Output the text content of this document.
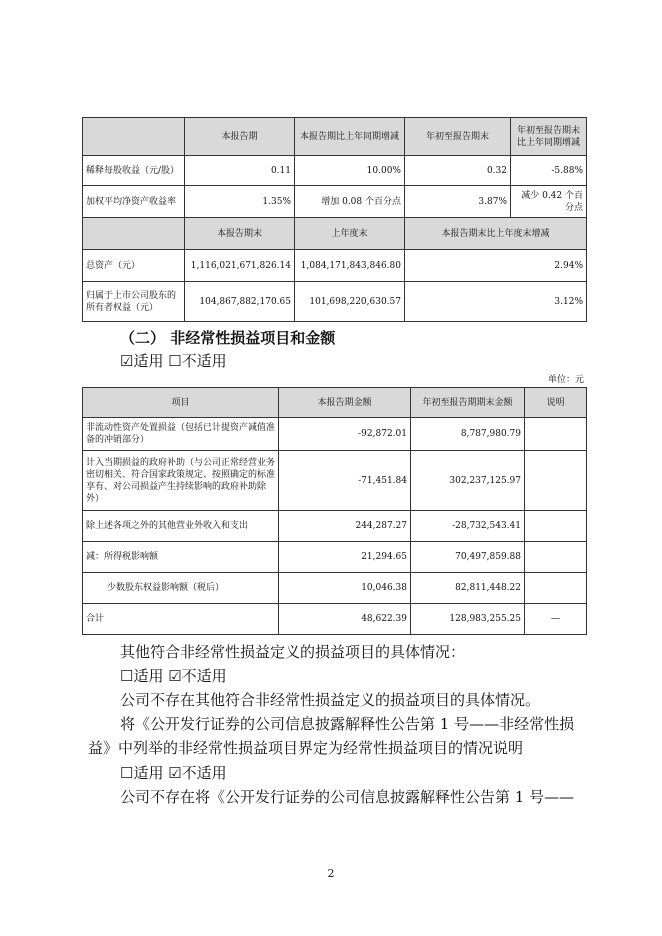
	本报告期	本报告期比上年同期增减	年初至报告期末	年初至报告期末比上年同期增减
稀释每股收益（元/股）	0.11	10.00%	0.32	-5.88%
加权平均净资产收益率	1.35%	增加 0.08 个百分点	3.87%	减少 0.42 个百分点
	本报告期末	上年度末	本报告期末比上年度末增减	
总资产（元）	1,116,021,671,826.14	1,084,171,843,846.80	2.94%	
归属于上市公司股东的所有者权益（元）	104,867,882,170.65	101,698,220,630.57	3.12%	
（二） 非经常性损益项目和金额
☑适用 ☐不适用
单位：元
项目	本报告期金额	年初至报告期期末金额	说明
非流动性资产处置损益（包括已计提资产减值准备的冲销部分）	-92,872.01	8,787,980.79	
计入当期损益的政府补助（与公司正常经营业务密切相关、符合国家政策规定、按照确定的标准享有、对公司损益产生持续影响的政府补助除外）	-71,451.84	302,237,125.97	
除上述各项之外的其他营业外收入和支出	244,287.27	-28,732,543.41	
减：所得税影响额	21,294.65	70,497,859.88	
少数股东权益影响额（税后）	10,046.38	82,811,448.22	
合计	48,622.39	128,983,255.25	—
其他符合非经常性损益定义的损益项目的具体情况：
☐适用 ☑不适用
公司不存在其他符合非经常性损益定义的损益项目的具体情况。
将《公开发行证券的公司信息披露解释性公告第 1 号——非经常性损
益》中列举的非经常性损益项目界定为经常性损益项目的情况说明
☐适用 ☑不适用
公司不存在将《公开发行证券的公司信息披露解释性公告第 1 号——
2
